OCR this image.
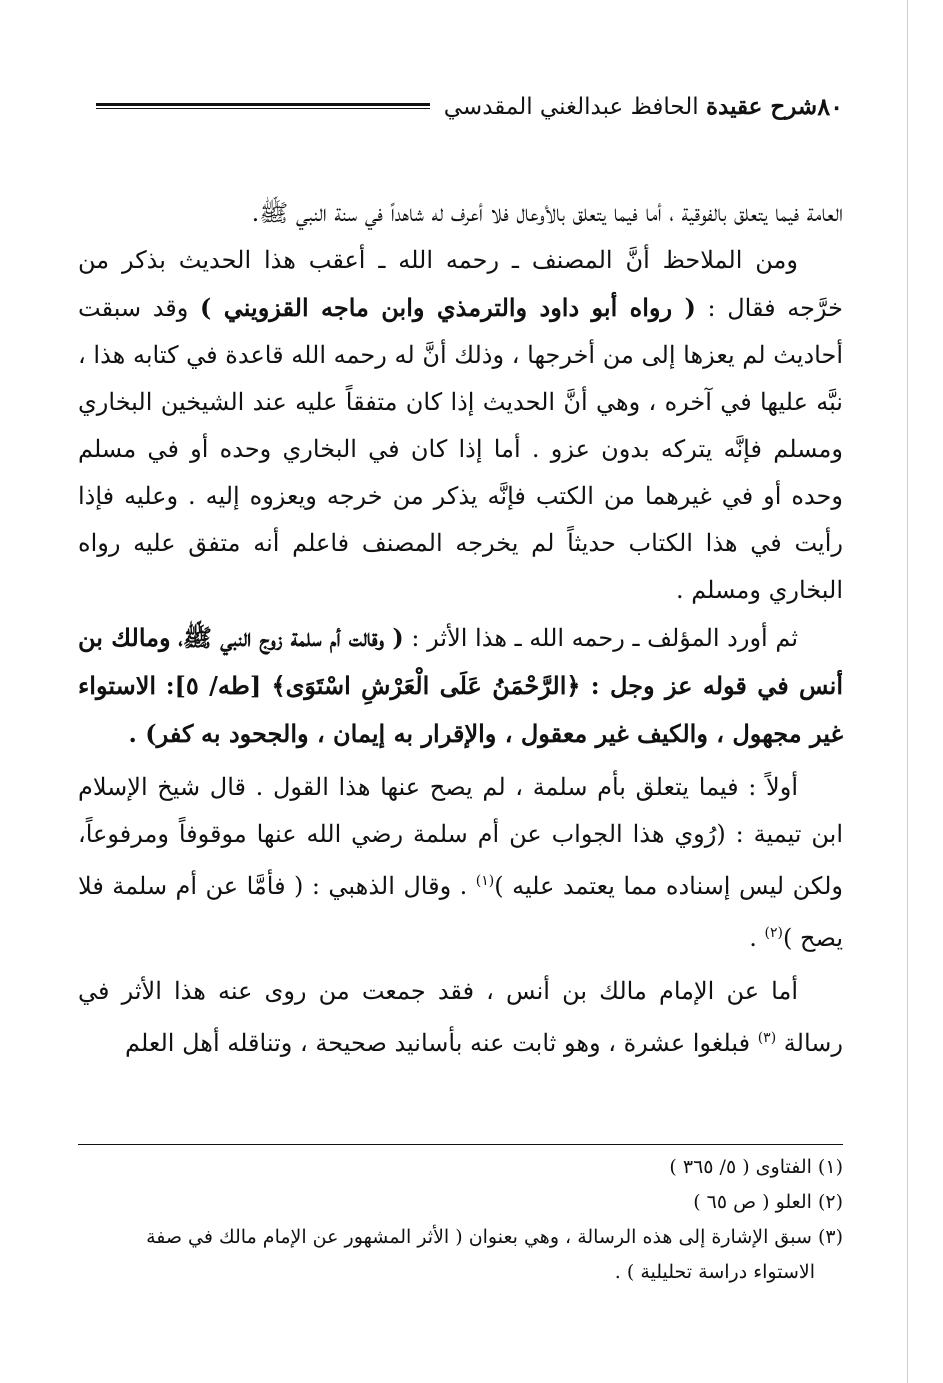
٨٠
شرح عقيدة الحافظ عبدالغني المقدسي

العامة فيما يتعلق بالفوقية ، أما فيما يتعلق بالأوعال فلا أعرف له شاهداً في سنة النبي ﷺ.

ومن الملاحظ أنَّ المصنف ـ رحمه الله ـ أعقب هذا الحديث بذكر من خرَّجه فقال : ( رواه أبو داود والترمذي وابن ماجه القزويني ) وقد سبقت أحاديث لم يعزها إلى من أخرجها ، وذلك أنَّ له رحمه الله قاعدة في كتابه هذا ، نبَّه عليها في آخره ، وهي أنَّ الحديث إذا كان متفقاً عليه عند الشيخين البخاري ومسلم فإنَّه يتركه بدون عزو . أما إذا كان في البخاري وحده أو في مسلم وحده أو في غيرهما من الكتب فإنَّه يذكر من خرجه ويعزوه إليه . وعليه فإذا رأيت في هذا الكتاب حديثاً لم يخرجه المصنف فاعلم أنه متفق عليه رواه البخاري ومسلم .

ثم أورد المؤلف ـ رحمه الله ـ هذا الأثر : ( وقالت أم سلمة زوج النبي ﷺ، ومالك بن أنس في قوله عز وجل : ﴿الرَّحْمَنُ عَلَى الْعَرْشِ اسْتَوَى﴾ [طه/ ٥]: الاستواء غير مجهول ، والكيف غير معقول ، والإقرار به إيمان ، والجحود به كفر) .

أولاً : فيما يتعلق بأم سلمة ، لم يصح عنها هذا القول . قال شيخ الإسلام ابن تيمية : (رُوي هذا الجواب عن أم سلمة رضي الله عنها موقوفاً ومرفوعاً، ولكن ليس إسناده مما يعتمد عليه )$^{(١)}$ . وقال الذهبي : ( فأمَّا عن أم سلمة فلا يصح )$^{(٢)}$ .

أما عن الإمام مالك بن أنس ، فقد جمعت من روى عنه هذا الأثر في رسالة $^{(٣)}$ فبلغوا عشرة ، وهو ثابت عنه بأسانيد صحيحة ، وتناقله أهل العلم

(١) الفتاوى ( ٥/ ٣٦٥ )

(٢) العلو ( ص ٦٥ )

(٣) سبق الإشارة إلى هذه الرسالة ، وهي بعنوان ( الأثر المشهور عن الإمام مالك في صفة

الاستواء دراسة تحليلية ) .
